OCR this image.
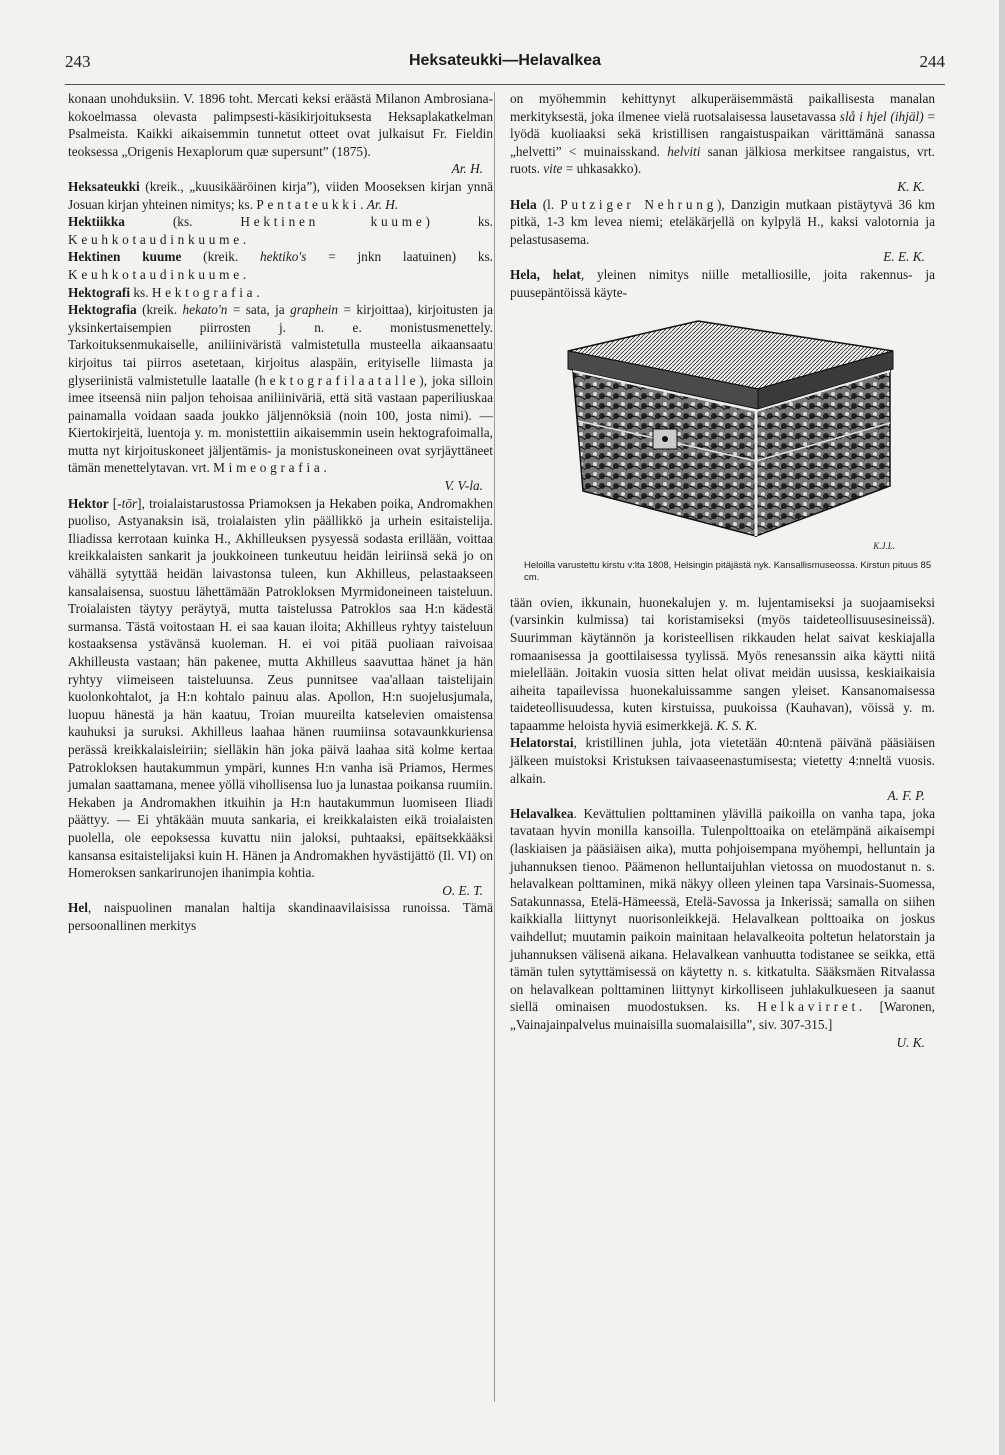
243	Heksateukki—Helavalkea	244

konaan unohduksiin. V. 1896 toht. Mercati keksi eräästä Milanon Ambrosiana-kokoelmassa olevasta palimpsesti-käsikirjoituksesta Heksaplakatkelman Psalmeista. Kaikki aikaisemmin tunnetut otteet ovat julkaisut Fr. Fieldin teoksessa „Origenis Hexaplorum quæ supersunt” (1875).
Ar. H.

Heksateukki (kreik., „kuusikääröinen kirja”), viiden Mooseksen kirjan ynnä Josuan kirjan yhteinen nimitys; ks. Pentateukki. Ar. H.

Hektiikka (ks. Hektinen kuume) ks. Keuhkotaudinkuume.

Hektinen kuume (kreik. hektiko's = jnkn laatuinen) ks. Keuhkotaudinkuume.

Hektografi ks. Hektografia.

Hektografia (kreik. hekato'n = sata, ja graphein = kirjoittaa), kirjoitusten ja yksinkertaisempien piirrosten j. n. e. monistusmenettely. Tarkoituksenmukaiselle, aniliiniväristä valmistetulla musteella aikaansaatu kirjoitus tai piirros asetetaan, kirjoitus alaspäin, erityiselle liimasta ja glyseriinistä valmistetulle laatalle (hektografilaatalle), joka silloin imee itseensä niin paljon tehoisaa aniliiniväriä, että sitä vastaan paperiliuskaa painamalla voidaan saada joukko jäljennöksiä (noin 100, josta nimi). — Kiertokirjeitä, luentoja y. m. monistettiin aikaisemmin usein hektografoimalla, mutta nyt kirjoituskoneet jäljentämis- ja monistuskoneineen ovat syrjäyttäneet tämän menettelytavan. vrt. Mimeografia.
V. V-la.

Hektor [-tōr], troialaistarustossa Priamoksen ja Hekaben poika, Andromakhen puoliso, Astyanaksin isä, troialaisten ylin päällikkö ja urhein esitaistelija. Iliadissa kerrotaan kuinka H., Akhilleuksen pysyessä sodasta erillään, voittaa kreikkalaisten sankarit ja joukkoineen tunkeutuu heidän leiriinsä sekä jo on vähällä sytyttää heidän laivastonsa tuleen, kun Akhilleus, pelastaakseen kansalaisensa, suostuu lähettämään Patrokloksen Myrmidoneineen taisteluun. Troialaisten täytyy peräytyä, mutta taistelussa Patroklos saa H:n kädestä surmansa. Tästä voitostaan H. ei saa kauan iloita; Akhilleus ryhtyy taisteluun kostaaksensa ystävänsä kuoleman. H. ei voi pitää puoliaan raivoisaa Akhilleusta vastaan; hän pakenee, mutta Akhilleus saavuttaa hänet ja hän ryhtyy viimeiseen taisteluunsa. Zeus punnitsee vaa'allaan taistelijain kuolonkohtalot, ja H:n kohtalo painuu alas. Apollon, H:n suojelusjumala, luopuu hänestä ja hän kaatuu, Troian muureilta katselevien omaistensa kauhuksi ja suruksi. Akhilleus laahaa hänen ruumiinsa sotavaunkkuriensa perässä kreikkalaisleiriin; sielläkin hän joka päivä laahaa sitä kolme kertaa Patrokloksen hautakummun ympäri, kunnes H:n vanha isä Priamos, Hermes jumalan saattamana, menee yöllä vihollisensa luo ja lunastaa poikansa ruumiin. Hekaben ja Andromakhen itkuihin ja H:n hautakummun luomiseen Iliadi päättyy. — Ei yhtäkään muuta sankaria, ei kreikkalaisten eikä troialaisten puolella, ole eepoksessa kuvattu niin jaloksi, puhtaaksi, epäitsekkääksi kansansa esitaistelijaksi kuin H. Hänen ja Andromakhen hyvästijättö (Il. VI) on Homeroksen sankarirunojen ihanimpia kohtia.
O. E. T.

Hel, naispuolinen manalan haltija skandinaavilaisissa runoissa. Tämä persoonallinen merkitys

on myöhemmin kehittynyt alkuperäisemmästä paikallisesta manalan merkityksestä, joka ilmenee vielä ruotsalaisessa lausetavassa slå i hjel (ihjäl) = lyödä kuoliaaksi sekä kristillisen rangaistuspaikan värittämänä sanassa „helvetti” < muinaisskand. helviti sanan jälkiosa merkitsee rangaistus, vrt. ruots. vite = uhkasakko).
K. K.

Hela (l. Putziger Nehrung), Danzigin mutkaan pistäytyvä 36 km pitkä, 1-3 km levea niemi; eteläkärjellä on kylpylä H., kaksi valotornia ja pelastusasema.
E. E. K.

Hela, helat, yleinen nimitys niille metalliosille, joita rakennus- ja puusepäntöissä käyte-

K.J.L.
Heloilla varustettu kirstu v:lta 1808, Helsingin pitäjästä nyk. Kansallismuseossa. Kirstun pituus 85 cm.

tään ovien, ikkunain, huonekalujen y. m. lujentamiseksi ja suojaamiseksi (varsinkin kulmissa) tai koristamiseksi (myös taideteollisuusesineissä). Suurimman käytännön ja koristeellisen rikkauden helat saivat keskiajalla romaanisessa ja goottilaisessa tyylissä. Myös renesanssin aika käytti niitä mielellään. Joitakin vuosia sitten helat olivat meidän uusissa, keskiaikaisia aiheita tapailevissa huonekaluissamme sangen yleiset. Kansanomaisessa taideteollisuudessa, kuten kirstuissa, puukoissa (Kauhavan), vöissä y. m. tapaamme heloista hyviä esimerkkejä. K. S. K.

Helatorstai, kristillinen juhla, jota vietetään 40:ntenä päivänä pääsiäisen jälkeen muistoksi Kristuksen taivaaseenastumisesta; vietetty 4:nneltä vuosis. alkain.
A. F. P.

Helavalkea. Kevättulien polttaminen ylävillä paikoilla on vanha tapa, joka tavataan hyvin monilla kansoilla. Tulenpolttoaika on etelämpänä aikaisempi (laskiaisen ja pääsiäisen aika), mutta pohjoisempana myöhempi, helluntain ja juhannuksen tienoo. Päämenon helluntaijuhlan vietossa on muodostanut n. s. helavalkean polttaminen, mikä näkyy olleen yleinen tapa Varsinais-Suomessa, Satakunnassa, Etelä-Hämeessä, Etelä-Savossa ja Inkerissä; samalla on siihen kaikkialla liittynyt nuorisonleikkejä. Helavalkean polttoaika on joskus vaihdellut; muutamin paikoin mainitaan helavalkeoita poltetun helatorstain ja juhannuksen välisenä aikana. Helavalkean vanhuutta todistanee se seikka, että tämän tulen sytyttämisessä on käytetty n. s. kitkatulta. Sääksmäen Ritvalassa on helavalkean polttaminen liittynyt kirkolliseen juhlakulkueseen ja saanut siellä ominaisen muodostuksen. ks. Helkavirret. [Waronen, „Vainajainpalvelus muinaisilla suomalaisilla”, siv. 307-315.]
U. K.
